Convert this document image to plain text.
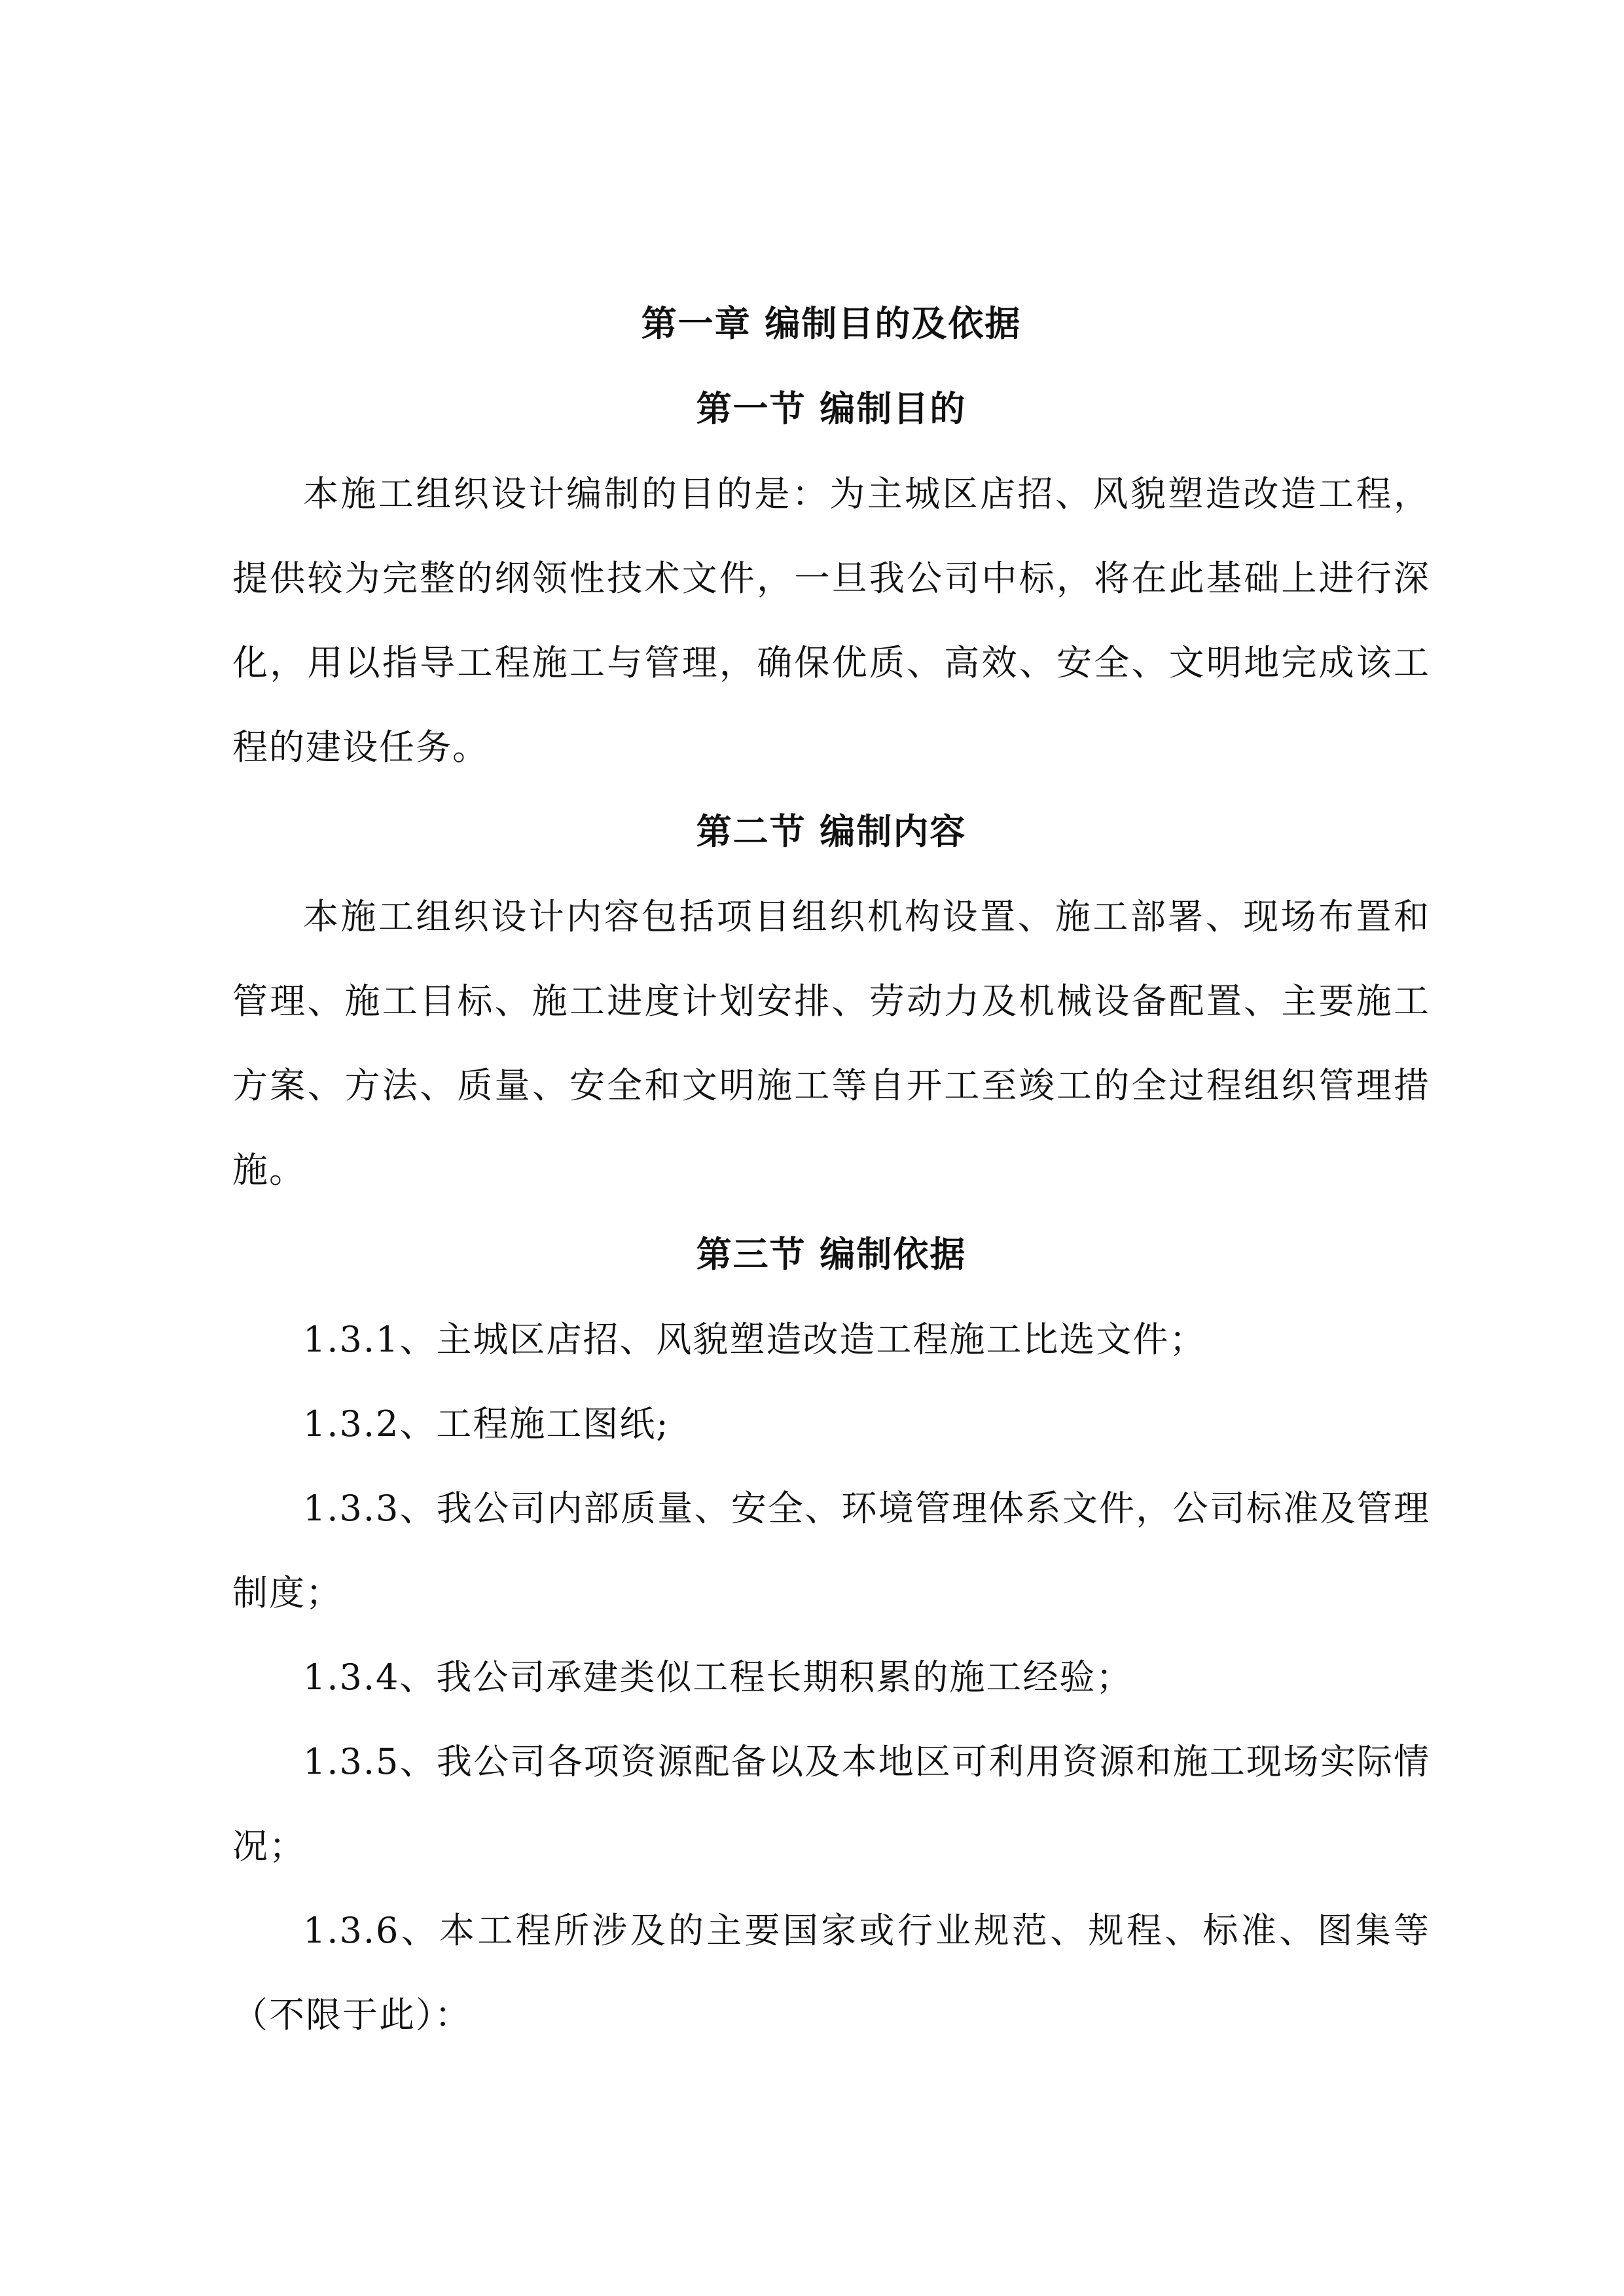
第一章 编制目的及依据
第一节 编制目的

本施工组织设计编制的目的是：为主城区店招、风貌塑造改造工程，提供较为完整的纲领性技术文件，一旦我公司中标，将在此基础上进行深化，用以指导工程施工与管理，确保优质、高效、安全、文明地完成该工程的建设任务。

第二节 编制内容

本施工组织设计内容包括项目组织机构设置、施工部署、现场布置和管理、施工目标、施工进度计划安排、劳动力及机械设备配置、主要施工方案、方法、质量、安全和文明施工等自开工至竣工的全过程组织管理措施。

第三节 编制依据

1.3.1、主城区店招、风貌塑造改造工程施工比选文件；

1.3.2、工程施工图纸;

1.3.3、我公司内部质量、安全、环境管理体系文件，公司标准及管理制度；

1.3.4、我公司承建类似工程长期积累的施工经验；

1.3.5、我公司各项资源配备以及本地区可利用资源和施工现场实际情况；

1.3.6、本工程所涉及的主要国家或行业规范、规程、标准、图集等（不限于此）：
